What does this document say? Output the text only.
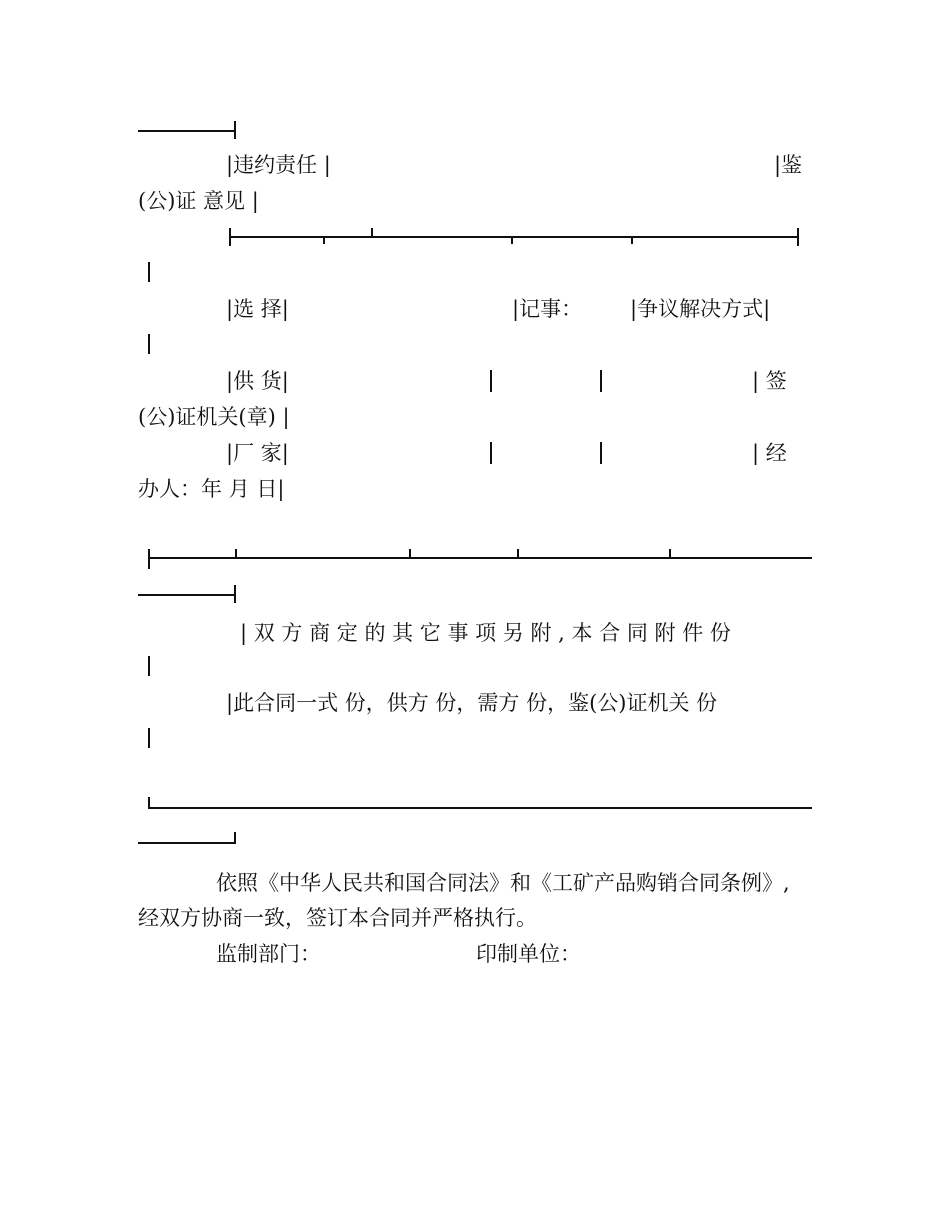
|违约责任 |	|鉴
(公)证 意见 |
|选 择|	|记事： |争议解决方式|
|供 货|	| 签
(公)证机关(章) |
|厂 家|	| 经
办人：年 月 日|
| 双 方 商 定 的 其 它 事 项 另 附 , 本 合 同 附 件 份
|此合同一式 份，供方 份，需方 份，鉴(公)证机关 份
依照《中华人民共和国合同法》和《工矿产品购销合同条例》,
经双方协商一致，签订本合同并严格执行。
监制部门：	印制单位：
